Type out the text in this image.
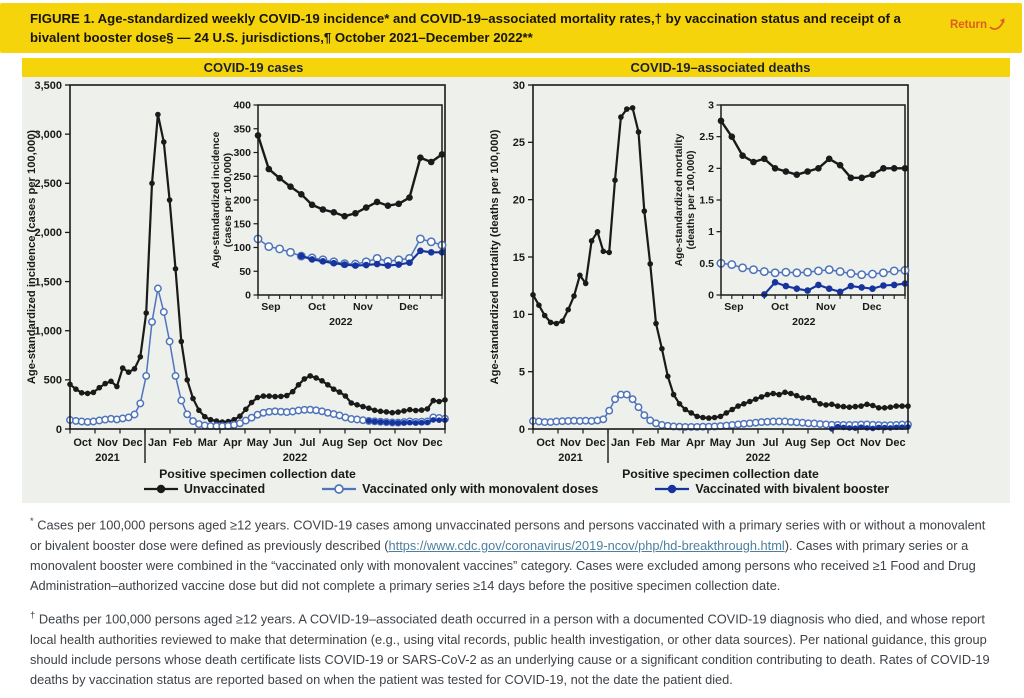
FIGURE 1. Age-standardized weekly COVID-19 incidence* and COVID-19–associated mortality rates,† by vaccination status and receipt of a bivalent booster dose§ — 24 U.S. jurisdictions,¶ October 2021–December 2022**
Return
COVID-19 cases	COVID-19–associated deaths
0
500
1,000
1,500
2,000
2,500
3,000
3,500
Age-standardized incidence (cases per 100,000)
Oct Nov Dec Jan Feb Mar Apr May Jun Jul Aug Sep Oct Nov Dec
2021	2022
Positive specimen collection date
0
50
100
150
200
250
300
350
400
Age-standardized incidence (cases per 100,000)
Sep	Oct	Nov	Dec
2022
0
5
10
15
20
25
30
Age-standardized mortality (deaths per 100,000)
Oct Nov Dec Jan Feb Mar Apr May Jun Jul Aug Sep Oct Nov Dec
2021	2022
Positive specimen collection date
0
0.5
1
1.5
2
2.5
3
Age-standardized mortality (deaths per 100,000)
Sep	Oct	Nov	Dec
2022
Unvaccinated	Vaccinated only with monovalent doses	Vaccinated with bivalent booster

* Cases per 100,000 persons aged ≥12 years. COVID-19 cases among unvaccinated persons and persons vaccinated with a primary series with or without a monovalent or bivalent booster dose were defined as previously described (https://www.cdc.gov/coronavirus/2019-ncov/php/hd-breakthrough.html). Cases with primary series or a monovalent booster were combined in the “vaccinated only with monovalent vaccines” category. Cases were excluded among persons who received ≥1 Food and Drug Administration–authorized vaccine dose but did not complete a primary series ≥14 days before the positive specimen collection date.

† Deaths per 100,000 persons aged ≥12 years. A COVID-19–associated death occurred in a person with a documented COVID-19 diagnosis who died, and whose report local health authorities reviewed to make that determination (e.g., using vital records, public health investigation, or other data sources). Per national guidance, this group should include persons whose death certificate lists COVID-19 or SARS-CoV-2 as an underlying cause or a significant condition contributing to death. Rates of COVID-19 deaths by vaccination status are reported based on when the patient was tested for COVID-19, not the date the patient died.
